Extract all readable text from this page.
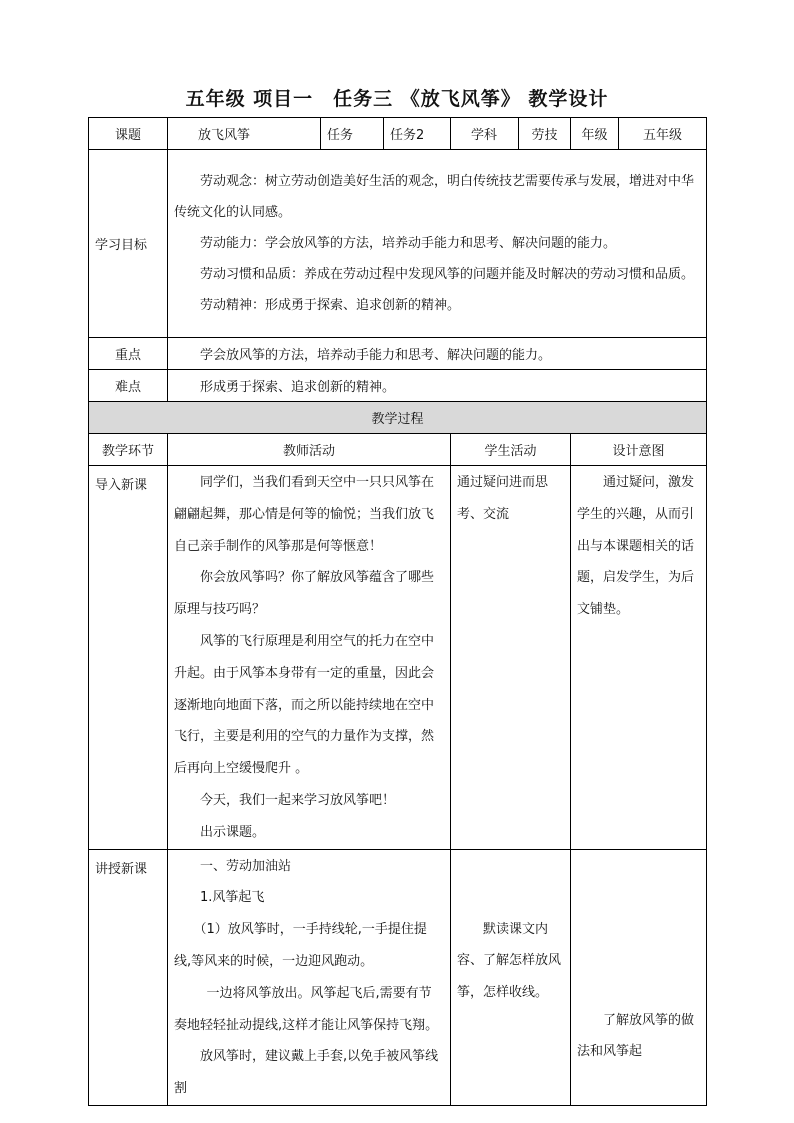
五年级 项目一　任务三 《放飞风筝》 教学设计
课题	放飞风筝	任务	任务2	学科	劳技	年级	五年级
学习目标	劳动观念：树立劳动创造美好生活的观念，明白传统技艺需要传承与发展，增进对中华传统文化的认同感。

劳动能力：学会放风筝的方法，培养动手能力和思考、解决问题的能力。

劳动习惯和品质：养成在劳动过程中发现风筝的问题并能及时解决的劳动习惯和品质。

劳动精神：形成勇于探索、追求创新的精神。						

重点	学会放风筝的方法，培养动手能力和思考、解决问题的能力。						

难点	形成勇于探索、追求创新的精神。						

教学过程							
教学环节	教师活动			学生活动		设计意图	
导入新课	同学们，当我们看到天空中一只只风筝在翩翩起舞，那心情是何等的愉悦；当我们放飞自己亲手制作的风筝那是何等惬意！

你会放风筝吗？你了解放风筝蕴含了哪些原理与技巧吗？

风筝的飞行原理是利用空气的托力在空中升起。由于风筝本身带有一定的重量，因此会逐渐地向地面下落，而之所以能持续地在空中飞行，主要是利用的空气的力量作为支撑，然后再向上空缓慢爬升 。

今天，我们一起来学习放风筝吧！

出示课题。			通过疑问进而思考、交流		通过疑问，激发学生的兴趣，从而引出与本课题相关的话题，启发学生，为后文铺垫。	

讲授新课	一、劳动加油站

1.风筝起飞

（1）放风筝时，一手持线轮,一手提住提线,等风来的时候，一边迎风跑动。

一边将风筝放出。风筝起飞后,需要有节奏地轻轻扯动提线,这样才能让风筝保持飞翔。

放风筝时，建议戴上手套,以免手被风筝线割			默读课文内容、了解怎样放风筝，怎样收线。		了解放风筝的做法和风筝起	
